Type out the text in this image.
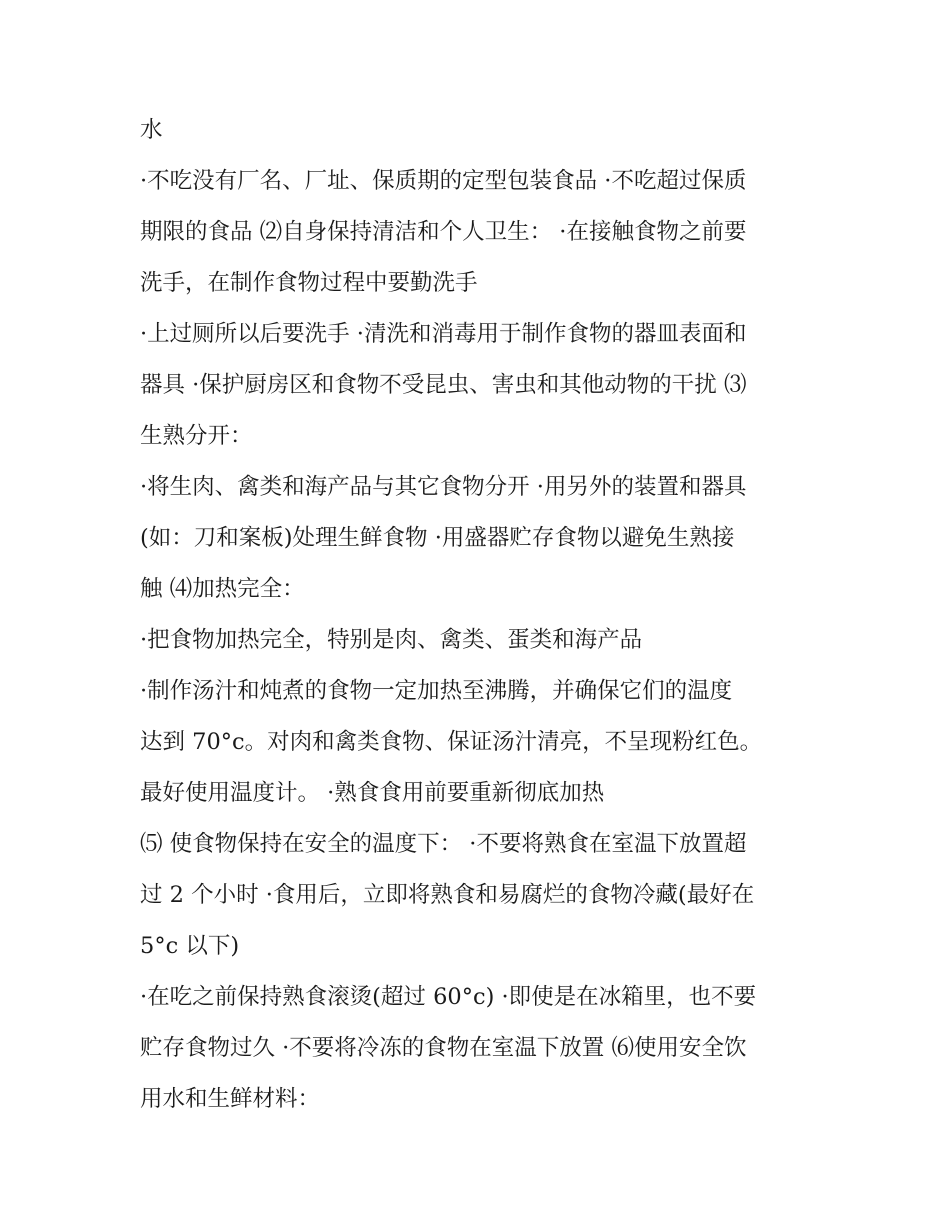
水

·不吃没有厂名、厂址、保质期的定型包装食品 ·不吃超过保质

期限的食品 ⑵自身保持清洁和个人卫生： ·在接触食物之前要

洗手，在制作食物过程中要勤洗手

·上过厕所以后要洗手 ·清洗和消毒用于制作食物的器皿表面和

器具 ·保护厨房区和食物不受昆虫、害虫和其他动物的干扰 ⑶

生熟分开：

·将生肉、禽类和海产品与其它食物分开 ·用另外的装置和器具

(如：刀和案板)处理生鲜食物 ·用盛器贮存食物以避免生熟接

触 ⑷加热完全：

·把食物加热完全，特别是肉、禽类、蛋类和海产品

·制作汤汁和炖煮的食物一定加热至沸腾，并确保它们的温度

达到 70°c。对肉和禽类食物、保证汤汁清亮，不呈现粉红色。

最好使用温度计。 ·熟食食用前要重新彻底加热

⑸ 使食物保持在安全的温度下： ·不要将熟食在室温下放置超

过 2 个小时 ·食用后，立即将熟食和易腐烂的食物冷藏(最好在

5°c 以下)

·在吃之前保持熟食滚烫(超过 60°c) ·即使是在冰箱里，也不要

贮存食物过久 ·不要将冷冻的食物在室温下放置 ⑹使用安全饮

用水和生鲜材料：
